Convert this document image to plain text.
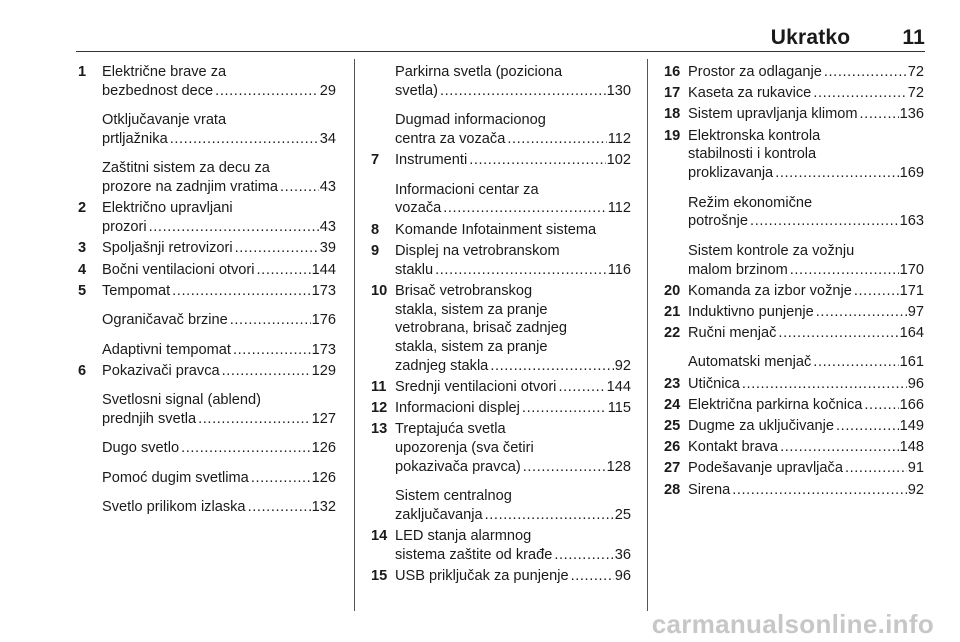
Ukratko 11
1	Električne brave za
bezbednost dece .....	29
Otključavanje vrata
prtljažnika .....	34
Zaštitni sistem za decu za
prozore na zadnjim vratima .....	43
2	Električno upravljani
prozori .....	43
3	Spoljašnji retrovizori .....	39
4	Bočni ventilacioni otvori .....	144
5	Tempomat .....	173
Ograničavač brzine .....	176
Adaptivni tempomat .....	173
6	Pokazivači pravca .....	129
Svetlosni signal (ablend)
prednjih svetla .....	127
Dugo svetlo .....	126
Pomoć dugim svetlima .....	126
Svetlo prilikom izlaska .....	132
Parkirna svetla (poziciona
svetla) .....	130
Dugmad informacionog
centra za vozača .....	112
7	Instrumenti .....	102
Informacioni centar za
vozača .....	112
8	Komande Infotainment sistema
9	Displej na vetrobranskom
staklu .....	116
10 Brisač vetrobranskog
stakla, sistem za pranje
vetrobrana, brisač zadnjeg
stakla, sistem za pranje
zadnjeg stakla .....	92
11 Srednji ventilacioni otvori .....	144
12 Informacioni displej .....	115
13 Treptajuća svetla
upozorenja (sva četiri
pokazivača pravca) .....	128
Sistem centralnog
zaključavanja .....	25
14 LED stanja alarmnog
sistema zaštite od krađe .....	36
15 USB priključak za punjenje .....	96
16 Prostor za odlaganje .....	72
17 Kaseta za rukavice .....	72
18 Sistem upravljanja klimom .....	136
19 Elektronska kontrola
stabilnosti i kontrola
proklizavanja .....	169
Režim ekonomične
potrošnje .....	163
Sistem kontrole za vožnju
malom brzinom .....	170
20 Komanda za izbor vožnje .....	171
21 Induktivno punjenje .....	97
22 Ručni menjač .....	164
Automatski menjač .....	161
23 Utičnica .....	96
24 Električna parkirna kočnica .....	166
25 Dugme za uključivanje .....	149
26 Kontakt brava .....	148
27 Podešavanje upravljača .....	91
28 Sirena .....	92
carmanualsonline.info
